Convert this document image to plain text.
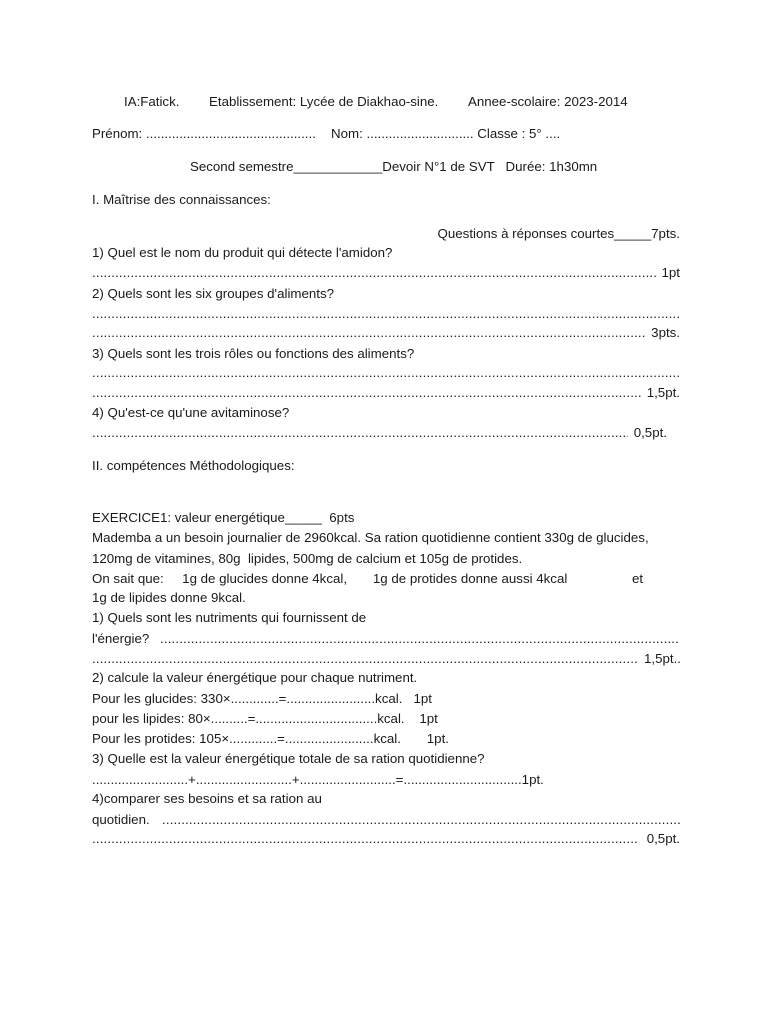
IA:Fatick. Etablissement: Lycée de Diakhao-sine. Annee-scolaire: 2023-2014
Prénom: .............................................. Nom: ............................. Classe : 5° ....
Second semestre____________Devoir N°1 de SVT   Durée: 1h30mn
I. Maîtrise des connaissances:
Questions à réponses courtes_____7pts.
1) Quel est le nom du produit qui détecte l'amidon?
.....
1pt
2) Quels sont les six groupes d'aliments?
.....
.....
3pts.
3) Quels sont les trois rôles ou fonctions des aliments?
.....
.....
1,5pt.
4) Qu'est-ce qu'une avitaminose?
.....
0,5pt.
II. compétences Méthodologiques:
EXERCICE1: valeur energétique_____  6pts
Mademba a un besoin journalier de 2960kcal. Sa ration quotidienne contient 330g de glucides,
120mg de vitamines, 80g  lipides, 500mg de calcium et 105g de protides.
On sait que:     1g de glucides donne 4kcal,       1g de protides donne aussi 4kcal	et
1g de lipides donne 9kcal.
1) Quels sont les nutriments qui fournissent de
l'énergie?
.....
.....
1,5pt..
2) calcule la valeur énergétique pour chaque nutriment.
Pour les glucides: 330×.............=........................kcal.   1pt
pour les lipides: 80×..........=.................................kcal.    1pt
Pour les protides: 105×.............=........................kcal.       1pt.
3) Quelle est la valeur énergétique totale de sa ration quotidienne?
..........................+..........................+..........................=................................1pt.
4)comparer ses besoins et sa ration au
quotidien.
.....
.....
0,5pt.
